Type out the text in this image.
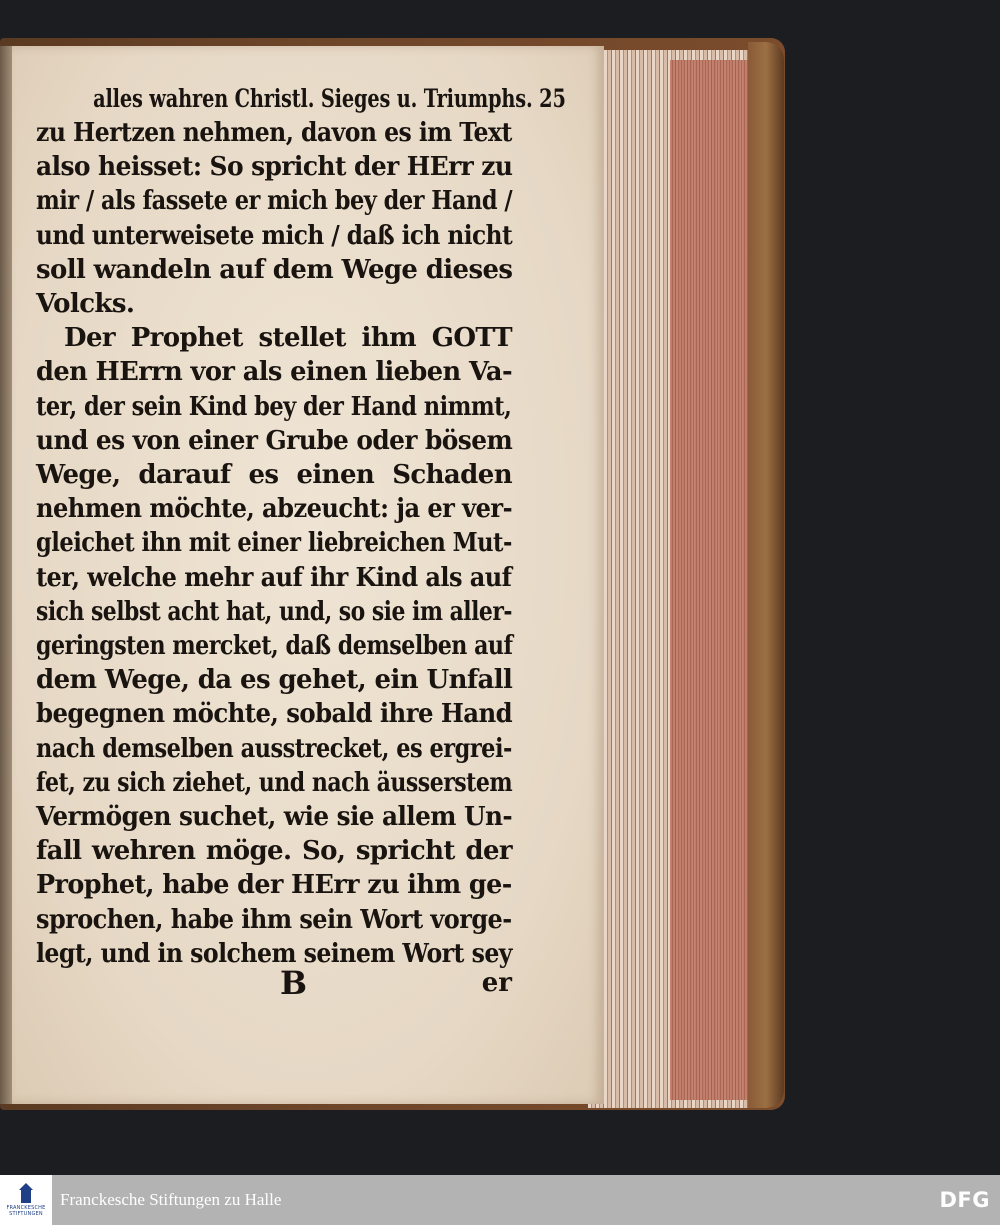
alles wahren Christl. Sieges u. Triumphs. 25
zu Hertzen nehmen, davon es im Text
also heisset: So spricht der HErr zu
mir / als fassete er mich bey der Hand /
und unterweisete mich / daß ich nicht
soll wandeln auf dem Wege dieses
Volcks.
Der Prophet stellet ihm GOTT
den HErrn vor als einen lieben Va-
ter, der sein Kind bey der Hand nimmt,
und es von einer Grube oder bösem
Wege, darauf es einen Schaden
nehmen möchte, abzeucht: ja er ver-
gleichet ihn mit einer liebreichen Mut-
ter, welche mehr auf ihr Kind als auf
sich selbst acht hat, und, so sie im aller-
geringsten mercket, daß demselben auf
dem Wege, da es gehet, ein Unfall
begegnen möchte, sobald ihre Hand
nach demselben ausstrecket, es ergrei-
fet, zu sich ziehet, und nach äusserstem
Vermögen suchet, wie sie allem Un-
fall wehren möge. So, spricht der
Prophet, habe der HErr zu ihm ge-
sprochen, habe ihm sein Wort vorge-
legt, und in solchem seinem Wort sey
B	er
FRANCKESCHE
STIFTUNGEN
Franckesche Stiftungen zu Halle	DFG
